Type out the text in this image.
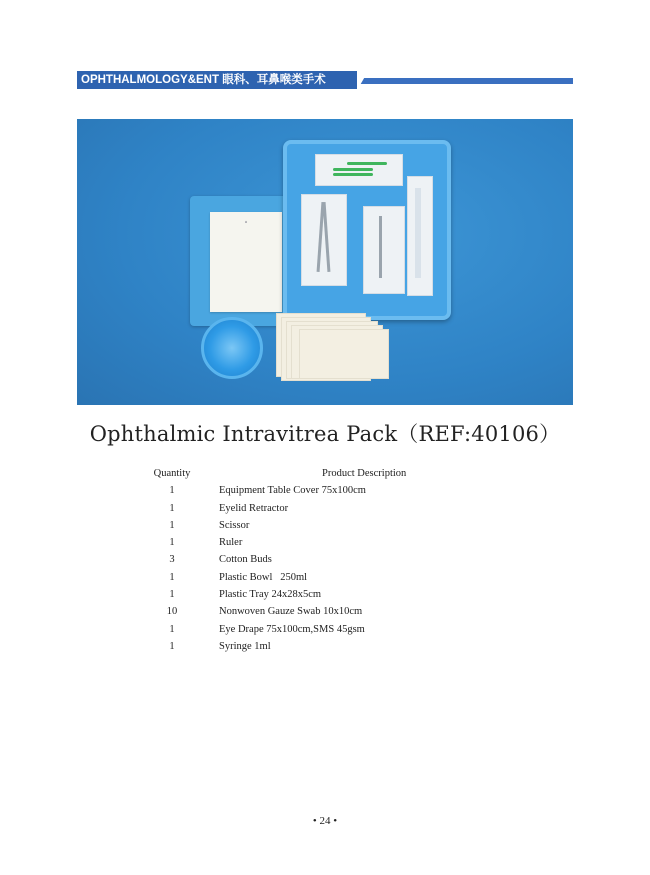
OPHTHALMOLOGY&ENT 眼科、耳鼻喉类手术
✲
Ophthalmic Intravitrea Pack（REF:40106）
Quantity	Product Description
1	Equipment Table Cover 75x100cm
1	Eyelid Retractor
1	Scissor
1	Ruler
3	Cotton Buds
1	Plastic Bowl   250ml
1	Plastic Tray 24x28x5cm
10	Nonwoven Gauze Swab 10x10cm
1	Eye Drape 75x100cm,SMS 45gsm
1	Syringe 1ml
• 24 •
